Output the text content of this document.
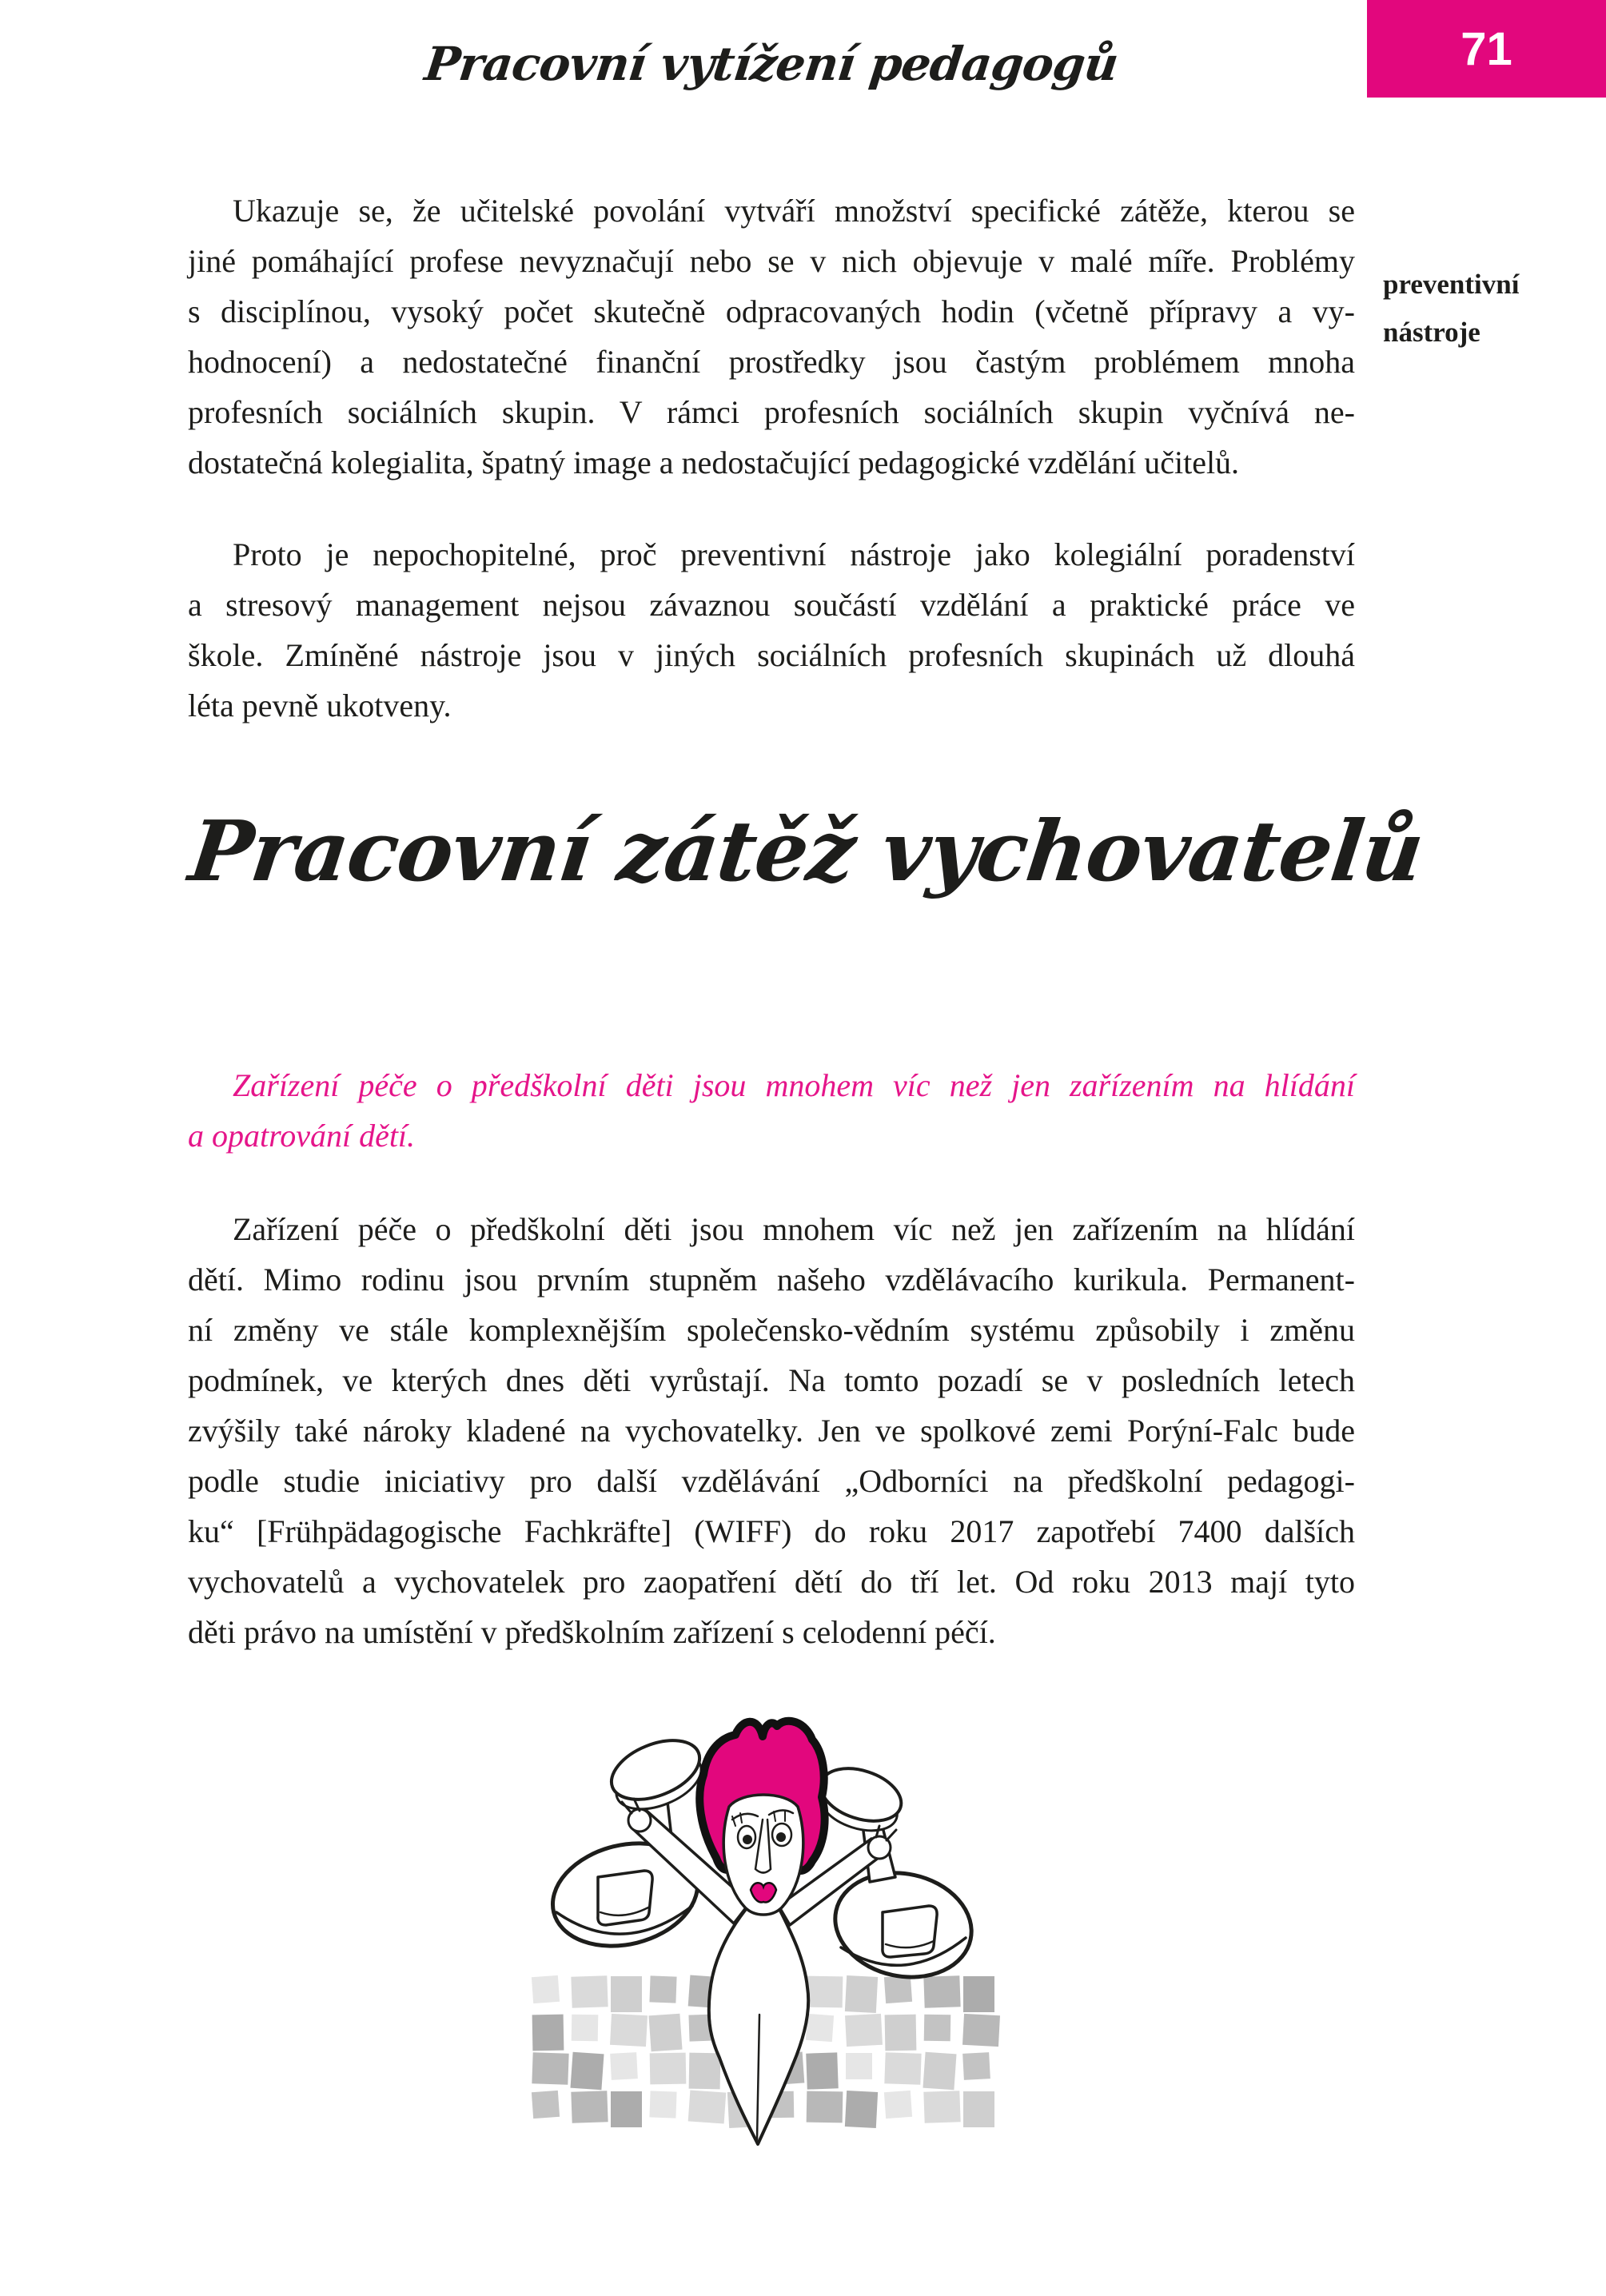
Pracovní vytížení pedagogů	71
Ukazuje se, že učitelské povolání vytváří množství specifické zátěže, kterou se
jiné pomáhající profese nevyznačují nebo se v nich objevuje v malé míře. Problémy
s disciplínou, vysoký počet skutečně odpracovaných hodin (včetně přípravy a vy-
hodnocení) a nedostatečné finanční prostředky jsou častým problémem mnoha
profesních sociálních skupin. V rámci profesních sociálních skupin vyčnívá ne-
dostatečná kolegialita, špatný image a nedostačující pedagogické vzdělání učitelů.
preventivní
nástroje
Proto je nepochopitelné, proč preventivní nástroje jako kolegiální poradenství
a stresový management nejsou závaznou součástí vzdělání a praktické práce ve
škole. Zmíněné nástroje jsou v jiných sociálních profesních skupinách už dlouhá
léta pevně ukotveny.
Pracovní zátěž vychovatelů
Zařízení péče o předškolní děti jsou mnohem víc než jen zařízením na hlídání
a opatrování dětí.
Zařízení péče o předškolní děti jsou mnohem víc než jen zařízením na hlídání
dětí. Mimo rodinu jsou prvním stupněm našeho vzdělávacího kurikula. Permanent-
ní změny ve stále komplexnějším společensko-vědním systému způsobily i změnu
podmínek, ve kterých dnes děti vyrůstají. Na tomto pozadí se v posledních letech
zvýšily také nároky kladené na vychovatelky. Jen ve spolkové zemi Porýní-Falc bude
podle studie iniciativy pro další vzdělávání „Odborníci na předškolní pedagogi-
ku“ [Frühpädagogische Fachkräfte] (WIFF) do roku 2017 zapotřebí 7400 dalších
vychovatelů a vychovatelek pro zaopatření dětí do tří let. Od roku 2013 mají tyto
děti právo na umístění v předškolním zařízení s celodenní péčí.
